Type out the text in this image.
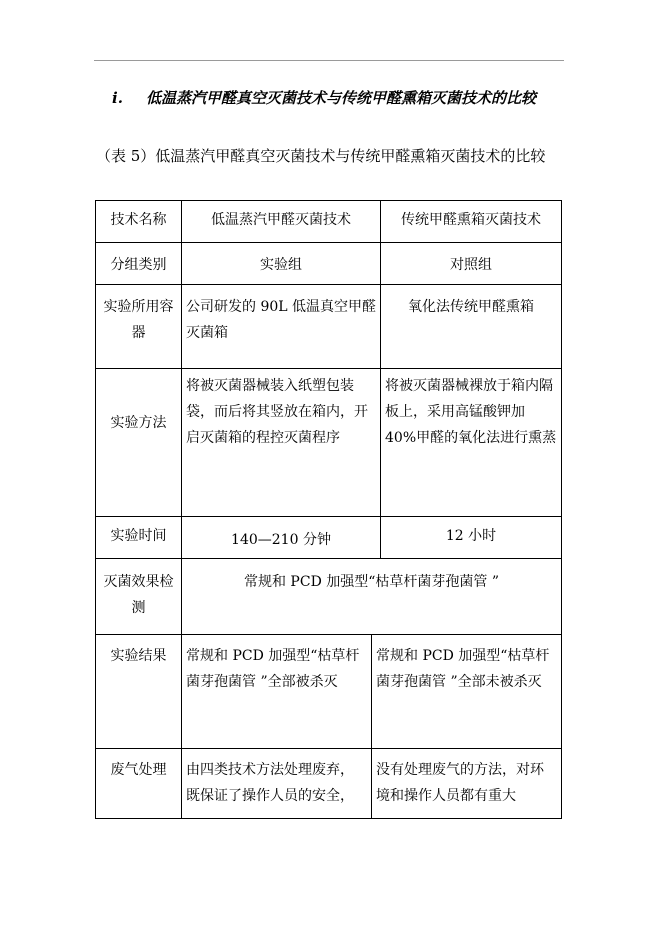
i. 低温蒸汽甲醛真空灭菌技术与传统甲醛熏箱灭菌技术的比较
（表 5）低温蒸汽甲醛真空灭菌技术与传统甲醛熏箱灭菌技术的比较
技术名称	低温蒸汽甲醛灭菌技术		传统甲醛熏箱灭菌技术
分组类别	实验组		对照组
实验所用容器	公司研发的 90L 低温真空甲醛灭菌箱		氧化法传统甲醛熏箱
实验方法	将被灭菌器械装入纸塑包装袋，而后将其竖放在箱内，开启灭菌箱的程控灭菌程序		将被灭菌器械裸放于箱内隔板上，采用高锰酸钾加 40%甲醛的氧化法进行熏蒸
实验时间	140—210 分钟		12 小时
灭菌效果检测	常规和 PCD 加强型“枯草杆菌芽孢菌管 ”		
实验结果	常规和 PCD 加强型“枯草杆菌芽孢菌管 ”全部被杀灭	常规和 PCD 加强型“枯草杆菌芽孢菌管 ”全部未被杀灭	
废气处理	由四类技术方法处理废弃，既保证了操作人员的安全，	没有处理废气的方法，对环境和操作人员都有重大	
